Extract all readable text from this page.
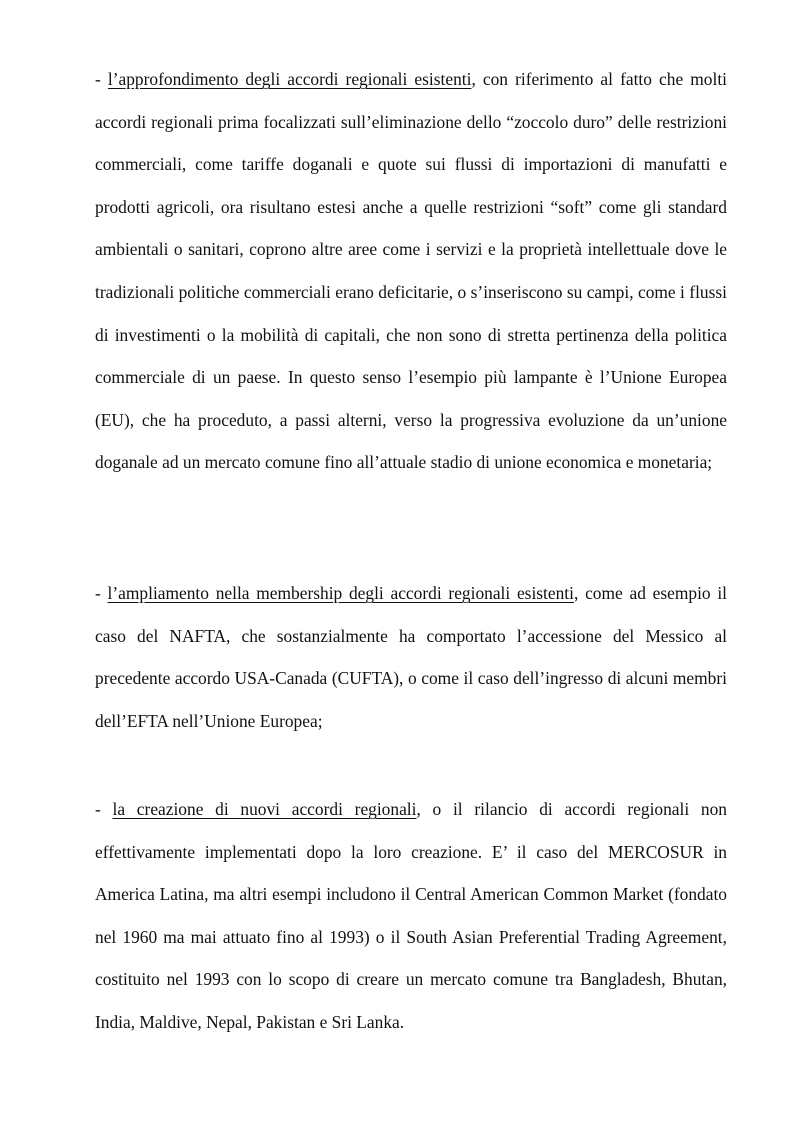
- l’approfondimento degli accordi regionali esistenti, con riferimento al fatto che molti accordi regionali prima focalizzati sull’eliminazione dello “zoccolo duro” delle restrizioni commerciali, come tariffe doganali e quote sui flussi di importazioni di manufatti e prodotti agricoli, ora risultano estesi anche a quelle restrizioni “soft” come gli standard ambientali o sanitari, coprono altre aree come i servizi e la proprietà intellettuale dove le tradizionali politiche commerciali erano deficitarie, o s’inseriscono su campi, come i flussi di investimenti o la mobilità di capitali, che non sono di stretta pertinenza della politica commerciale di un paese. In questo senso l’esempio più lampante è l’Unione Europea (EU), che ha proceduto, a passi alterni, verso la progressiva evoluzione da un’unione doganale ad un mercato comune fino all’attuale stadio di unione economica e monetaria;

- l’ampliamento nella membership degli accordi regionali esistenti, come ad esempio il caso del NAFTA, che sostanzialmente ha comportato l’accessione del Messico al precedente accordo USA-Canada (CUFTA), o come il caso dell’ingresso di alcuni membri dell’EFTA nell’Unione Europea;

- la creazione di nuovi accordi regionali, o il rilancio di accordi regionali non effettivamente implementati dopo la loro creazione. E’ il caso del MERCOSUR in America Latina, ma altri esempi includono il Central American Common Market (fondato nel 1960 ma mai attuato fino al 1993) o il South Asian Preferential Trading Agreement, costituito nel 1993 con lo scopo di creare un mercato comune tra Bangladesh, Bhutan, India, Maldive, Nepal, Pakistan e Sri Lanka.
